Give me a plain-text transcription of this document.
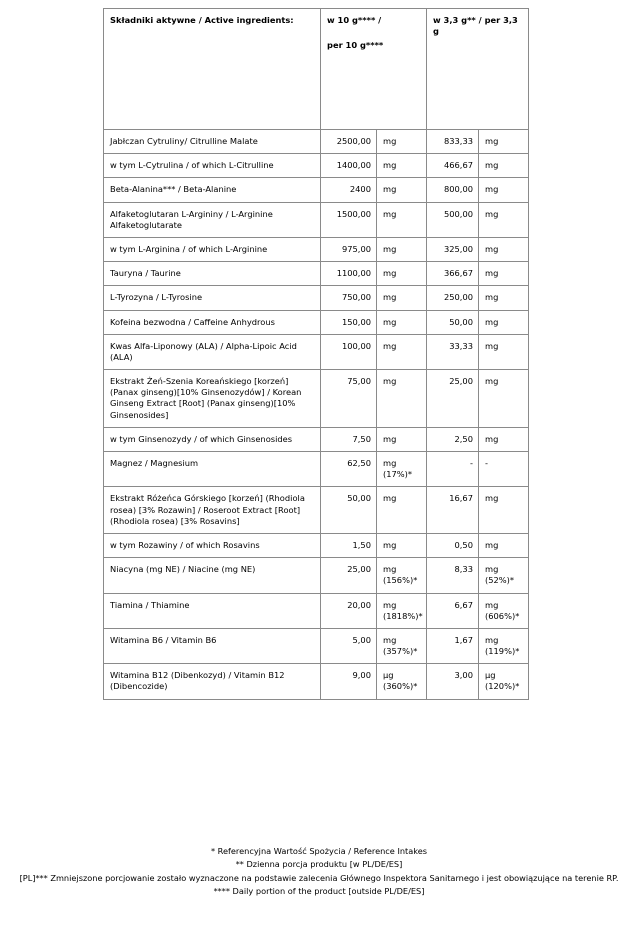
Składniki aktywne / Active ingredients:	w 10 g**** /
per 10 g****		w 3,3 g** / per 3,3 g	
Jabłczan Cytruliny/ Citrulline Malate	2500,00	mg	833,33	mg
w tym L-Cytrulina / of which L-Citrulline	1400,00	mg	466,67	mg
Beta-Alanina*** / Beta-Alanine	2400	mg	800,00	mg
Alfaketoglutaran L-Argininy / L-Arginine Alfaketoglutarate	1500,00	mg	500,00	mg
w tym L-Arginina / of which L-Arginine	975,00	mg	325,00	mg
Tauryna / Taurine	1100,00	mg	366,67	mg
L-Tyrozyna / L-Tyrosine	750,00	mg	250,00	mg
Kofeina bezwodna / Caffeine Anhydrous	150,00	mg	50,00	mg
Kwas Alfa-Liponowy (ALA) / Alpha-Lipoic Acid (ALA)	100,00	mg	33,33	mg
Ekstrakt Żeń-Szenia Koreańskiego [korzeń] (Panax ginseng)[10% Ginsenozydów] / Korean Ginseng Extract [Root] (Panax ginseng)[10% Ginsenosides]	75,00	mg	25,00	mg
w tym Ginsenozydy / of which Ginsenosides	7,50	mg	2,50	mg
Magnez / Magnesium	62,50	mg (17%)*	-	-
Ekstrakt Różeńca Górskiego [korzeń] (Rhodiola rosea) [3% Rozawin] / Roseroot Extract [Root] (Rhodiola rosea) [3% Rosavins]	50,00	mg	16,67	mg
w tym Rozawiny / of which Rosavins	1,50	mg	0,50	mg
Niacyna (mg NE) / Niacine (mg NE)	25,00	mg (156%)*	8,33	mg (52%)*
Tiamina / Thiamine	20,00	mg (1818%)*	6,67	mg (606%)*
Witamina B6 / Vitamin B6	5,00	mg (357%)*	1,67	mg (119%)*
Witamina B12 (Dibenkozyd) / Vitamin B12 (Dibencozide)	9,00	µg (360%)*	3,00	µg (120%)*
* Referencyjna Wartość Spożycia / Reference Intakes
** Dzienna porcja produktu [w PL/DE/ES]
[PL]*** Zmniejszone porcjowanie zostało wyznaczone na podstawie zalecenia Głównego Inspektora Sanitarnego i jest obowiązujące na terenie RP.
**** Daily portion of the product [outside PL/DE/ES]
